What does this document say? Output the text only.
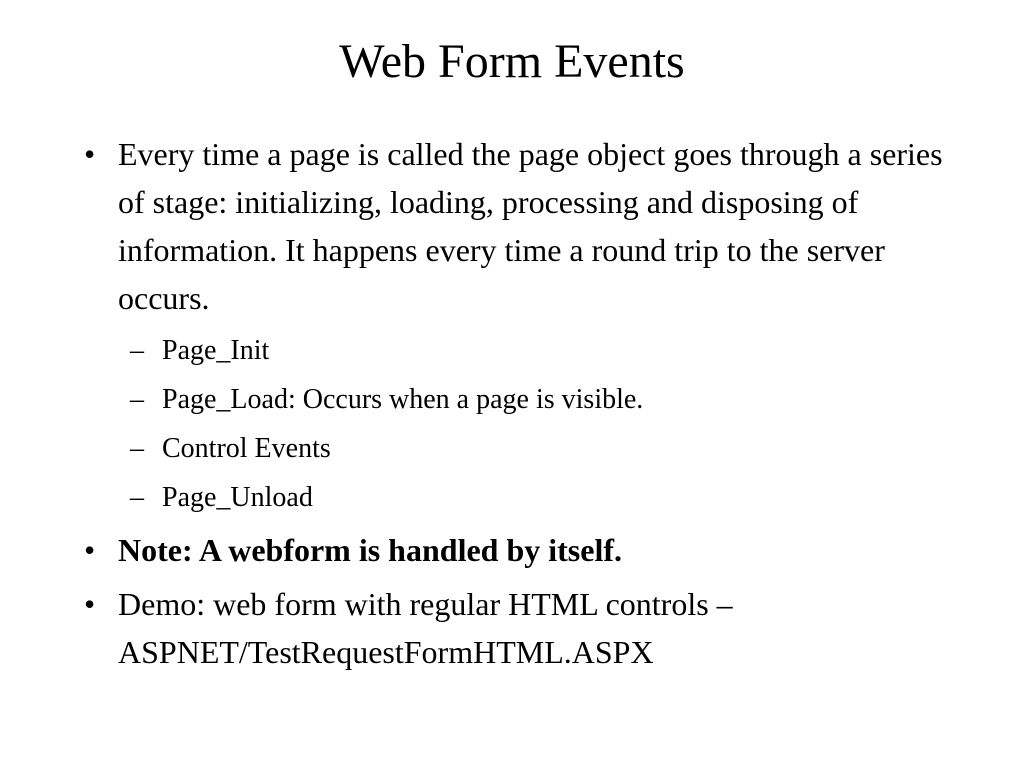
Web Form Events
• Every time a page is called the page object goes through a series of stage: initializing, loading, processing and disposing of information. It happens every time a round trip to the server occurs.
– Page_Init
– Page_Load: Occurs when a page is visible.
– Control Events
– Page_Unload
• Note: A webform is handled by itself.
• Demo: web form with regular HTML controls – ASPNET/TestRequestFormHTML.ASPX
